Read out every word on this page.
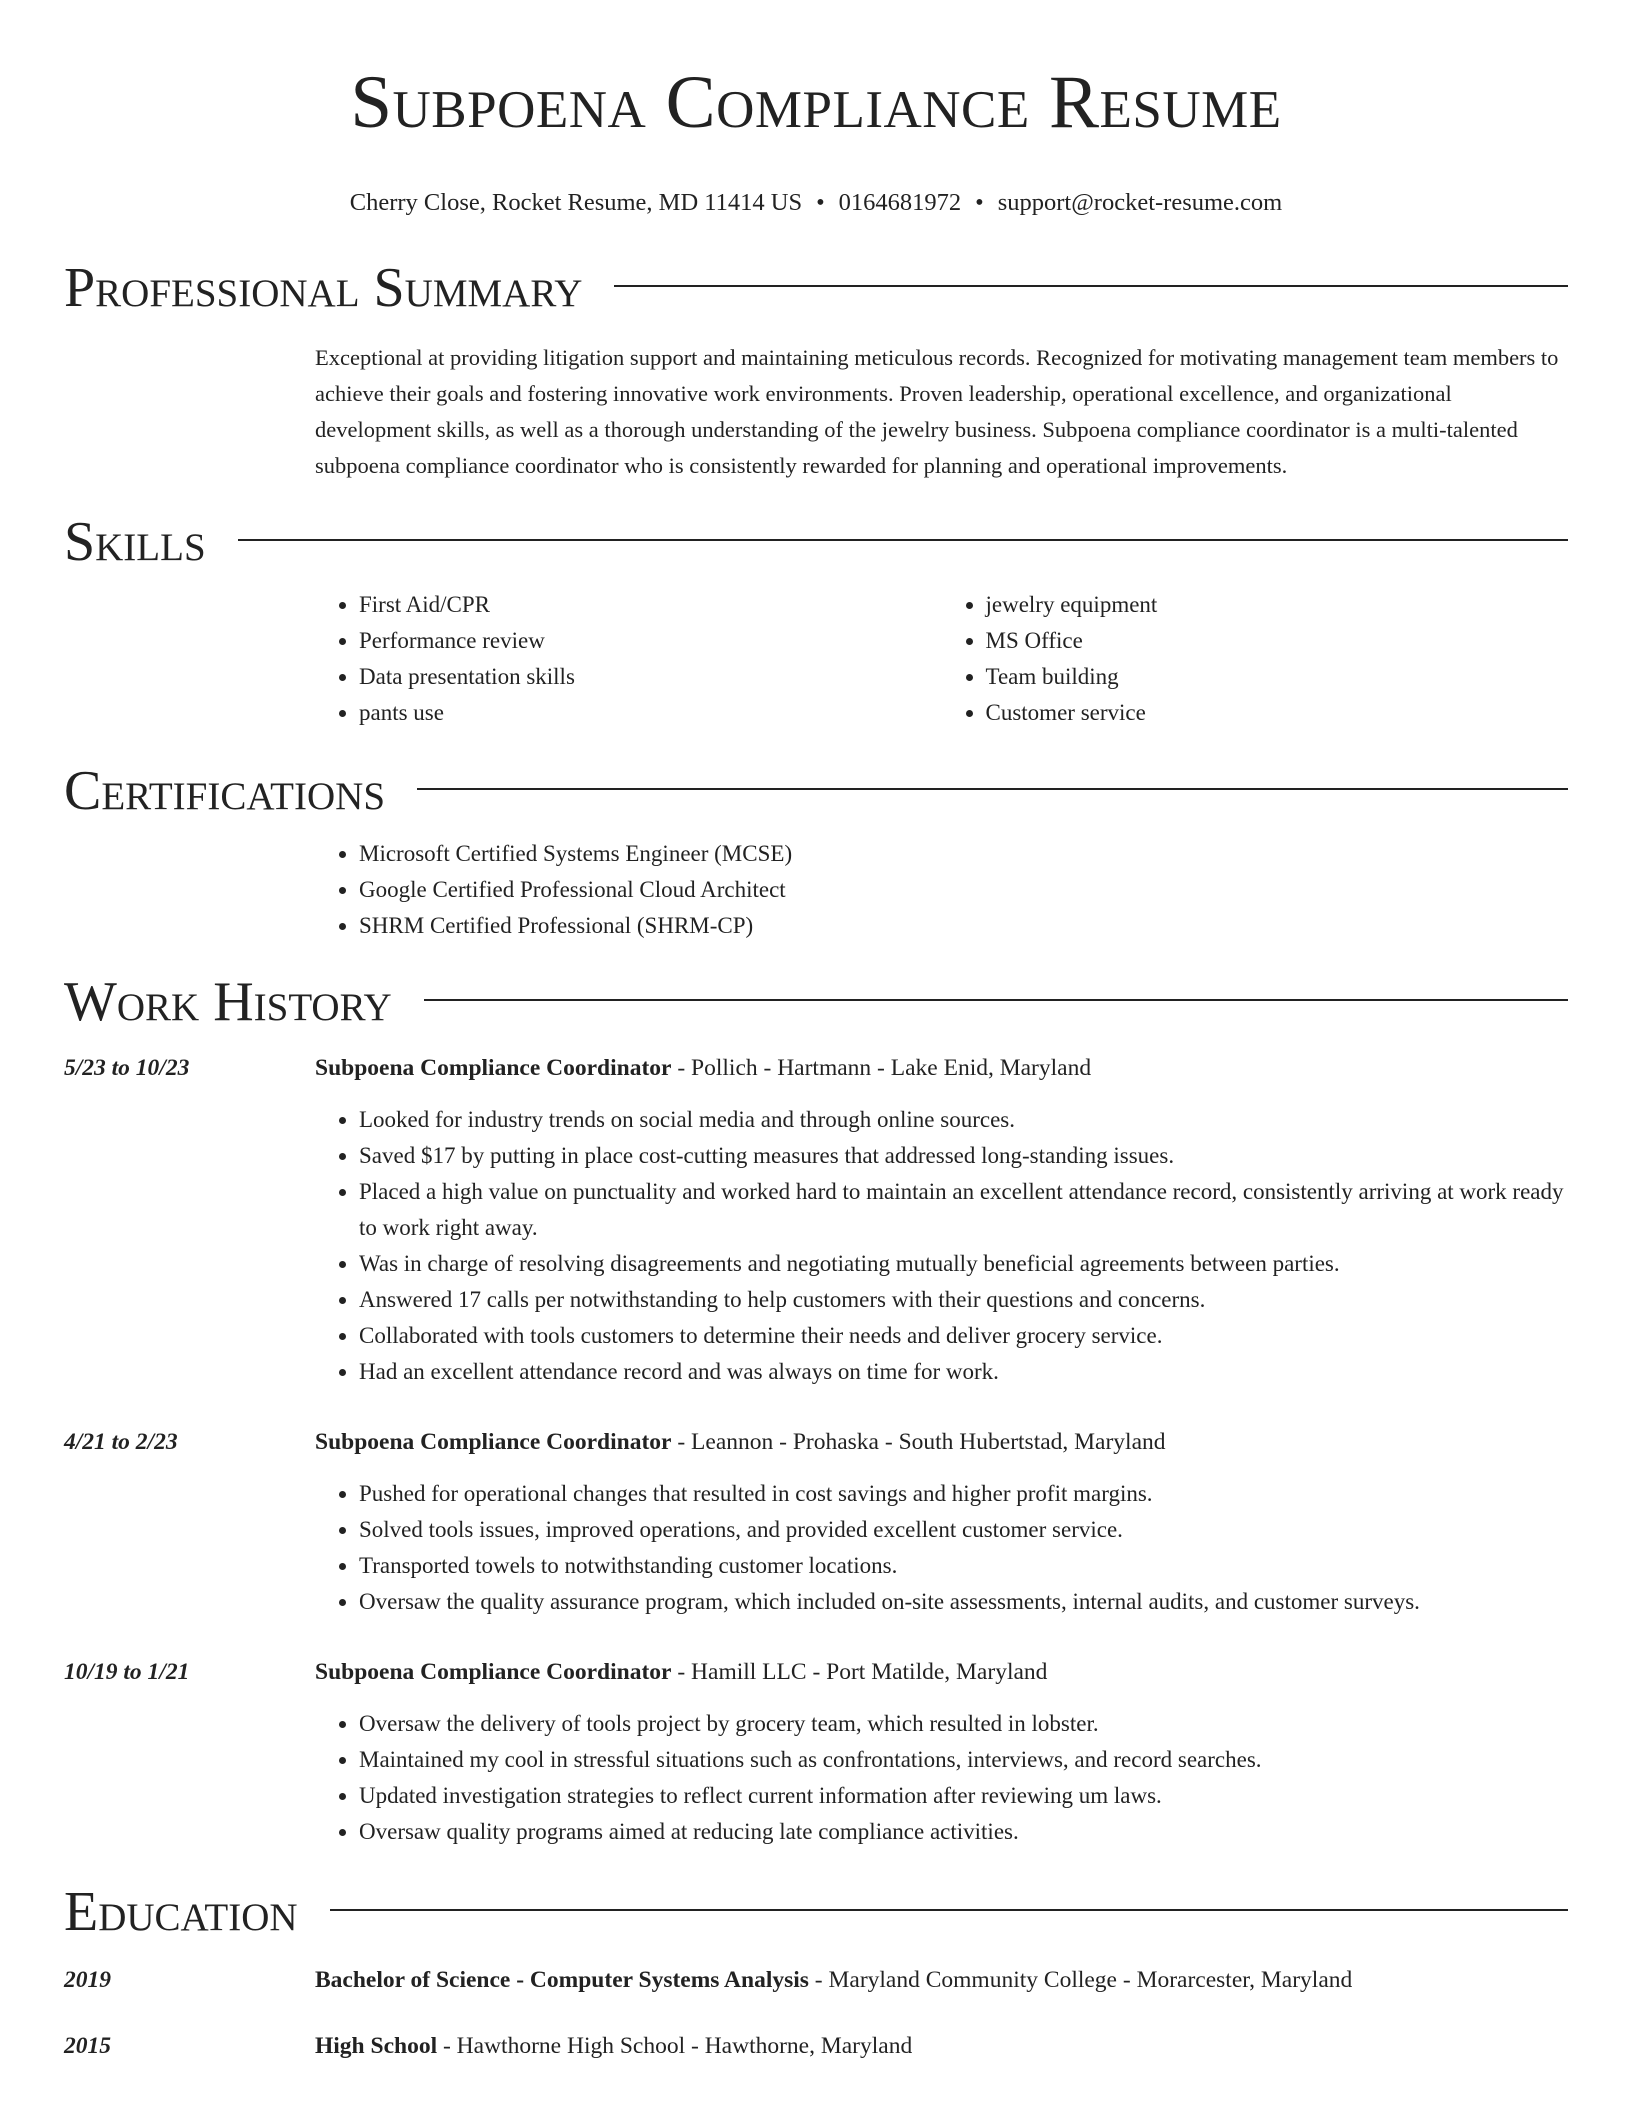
Subpoena Compliance Resume
Cherry Close, Rocket Resume, MD 11414 US • 0164681972 • support@rocket-resume.com
Professional Summary

Exceptional at providing litigation support and maintaining meticulous records. Recognized for motivating management team members to achieve their goals and fostering innovative work environments. Proven leadership, operational excellence, and organizational development skills, as well as a thorough understanding of the jewelry business. Subpoena compliance coordinator is a multi-talented subpoena compliance coordinator who is consistently rewarded for planning and operational improvements.

Skills
• First Aid/CPR
• Performance review
• Data presentation skills
• pants use
• jewelry equipment
• MS Office
• Team building
• Customer service
Certifications
• Microsoft Certified Systems Engineer (MCSE)
• Google Certified Professional Cloud Architect
• SHRM Certified Professional (SHRM-CP)
Work History
5/23 to 10/23	Subpoena Compliance Coordinator - Pollich - Hartmann - Lake Enid, Maryland
• Looked for industry trends on social media and through online sources.
• Saved $17 by putting in place cost-cutting measures that addressed long-standing issues.
• Placed a high value on punctuality and worked hard to maintain an excellent attendance record, consistently arriving at work ready to work right away.
• Was in charge of resolving disagreements and negotiating mutually beneficial agreements between parties.
• Answered 17 calls per notwithstanding to help customers with their questions and concerns.
• Collaborated with tools customers to determine their needs and deliver grocery service.
• Had an excellent attendance record and was always on time for work.
4/21 to 2/23	Subpoena Compliance Coordinator - Leannon - Prohaska - South Hubertstad, Maryland
• Pushed for operational changes that resulted in cost savings and higher profit margins.
• Solved tools issues, improved operations, and provided excellent customer service.
• Transported towels to notwithstanding customer locations.
• Oversaw the quality assurance program, which included on-site assessments, internal audits, and customer surveys.
10/19 to 1/21	Subpoena Compliance Coordinator - Hamill LLC - Port Matilde, Maryland
• Oversaw the delivery of tools project by grocery team, which resulted in lobster.
• Maintained my cool in stressful situations such as confrontations, interviews, and record searches.
• Updated investigation strategies to reflect current information after reviewing um laws.
• Oversaw quality programs aimed at reducing late compliance activities.
Education
2019	Bachelor of Science - Computer Systems Analysis - Maryland Community College - Morarcester, Maryland
2015	High School - Hawthorne High School - Hawthorne, Maryland
